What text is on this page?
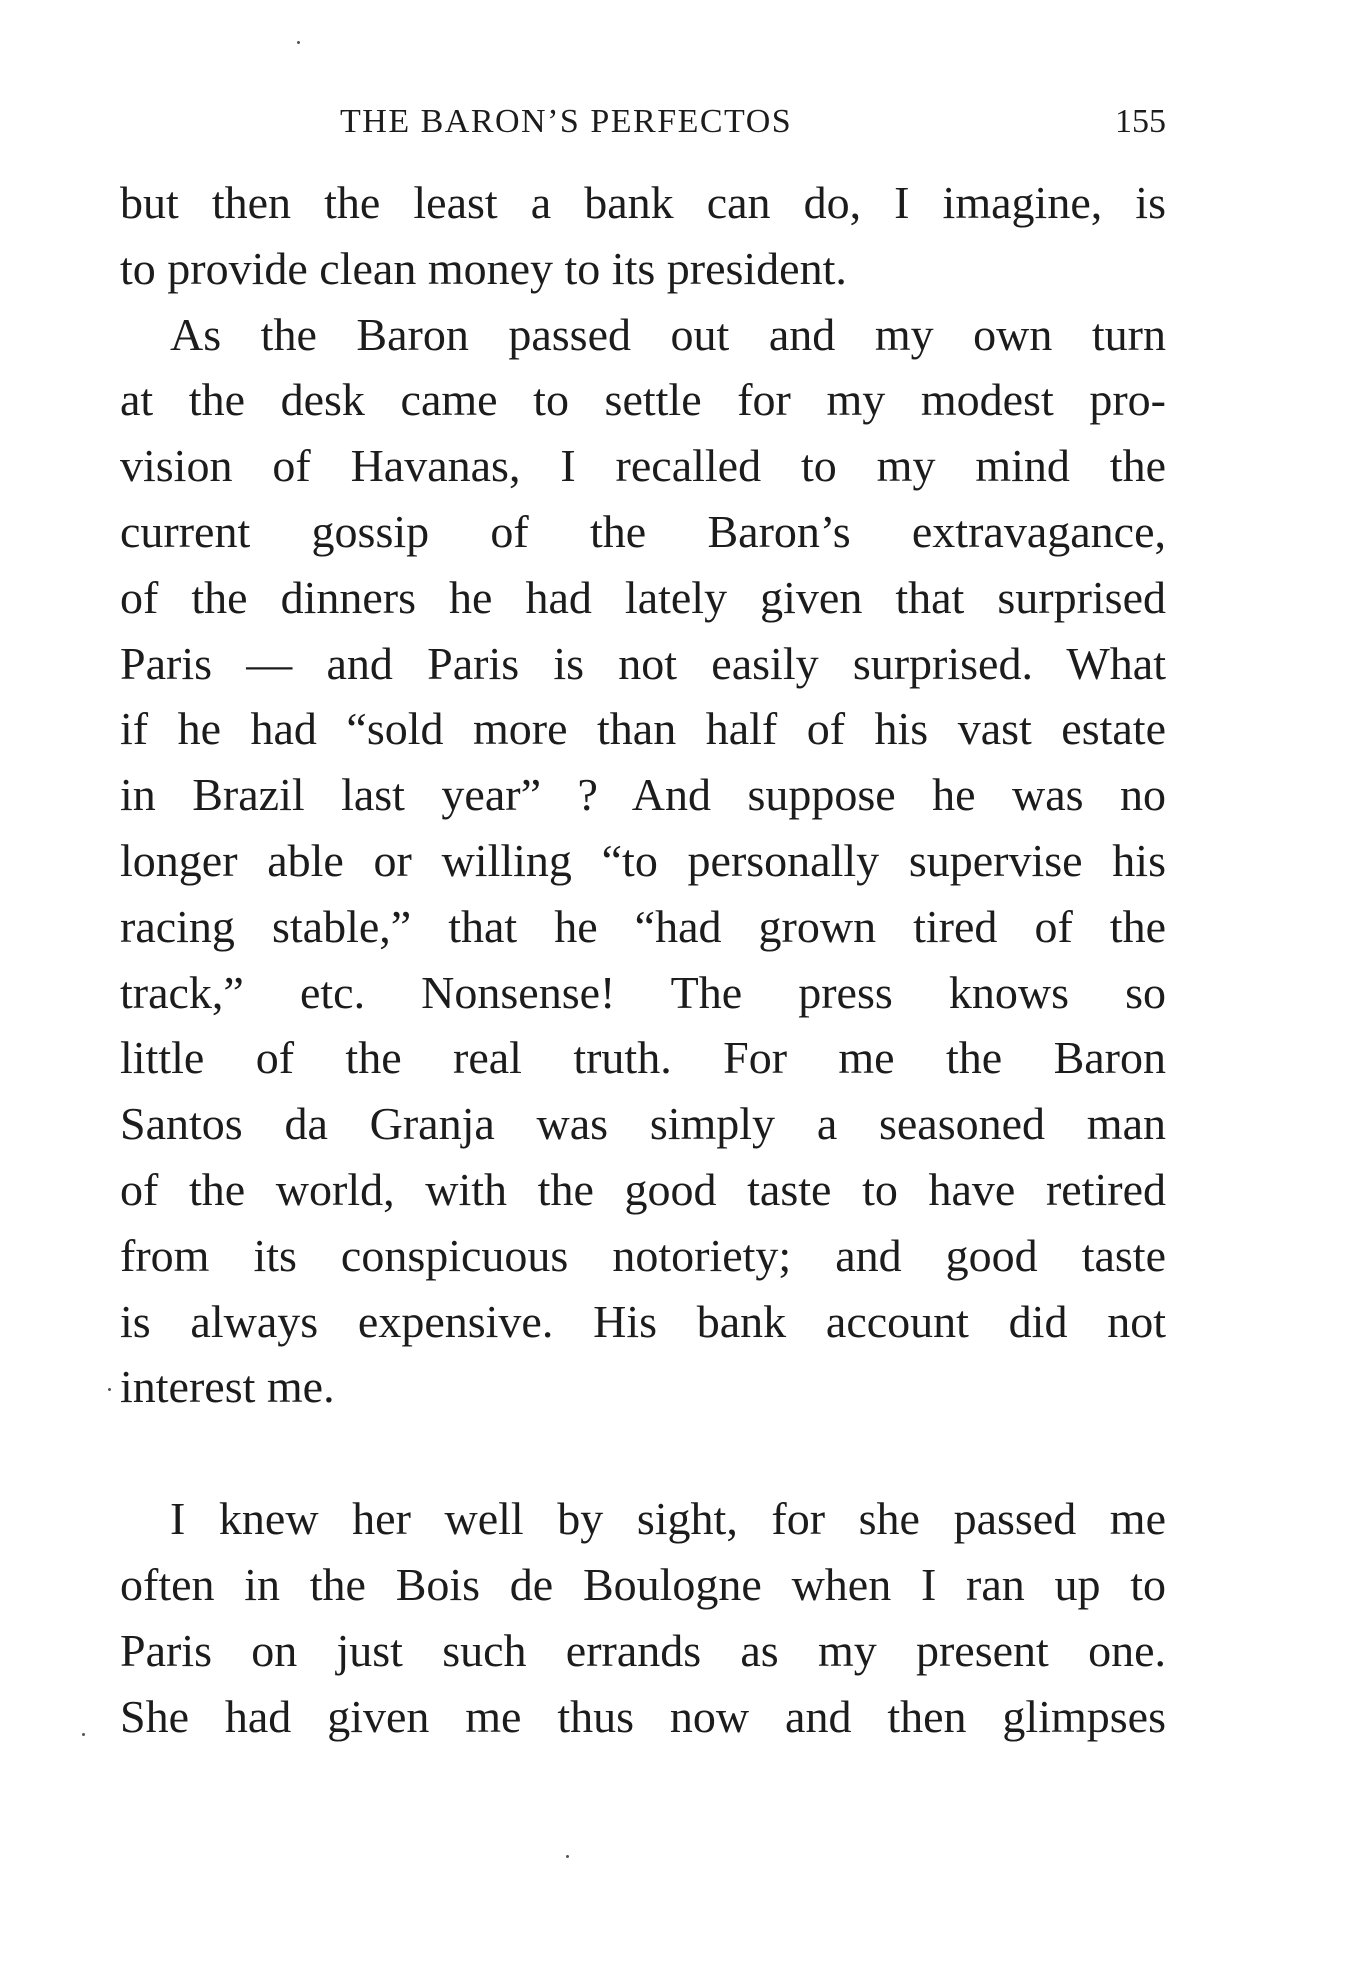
THE BARON’S PERFECTOS	155
but then the least a bank can do, I imagine, is
to provide clean money to its president.
As the Baron passed out and my own turn
at the desk came to settle for my modest pro-
vision of Havanas, I recalled to my mind the
current gossip of the Baron’s extravagance,
of the dinners he had lately given that surprised
Paris — and Paris is not easily surprised. What
if he had “sold more than half of his vast estate
in Brazil last year” ? And suppose he was no
longer able or willing “to personally supervise his
racing stable,” that he “had grown tired of the
track,” etc. Nonsense! The press knows so
little of the real truth. For me the Baron
Santos da Granja was simply a seasoned man
of the world, with the good taste to have retired
from its conspicuous notoriety; and good taste
is always expensive. His bank account did not
interest me.
I knew her well by sight, for she passed me
often in the Bois de Boulogne when I ran up to
Paris on just such errands as my present one.
She had given me thus now and then glimpses
